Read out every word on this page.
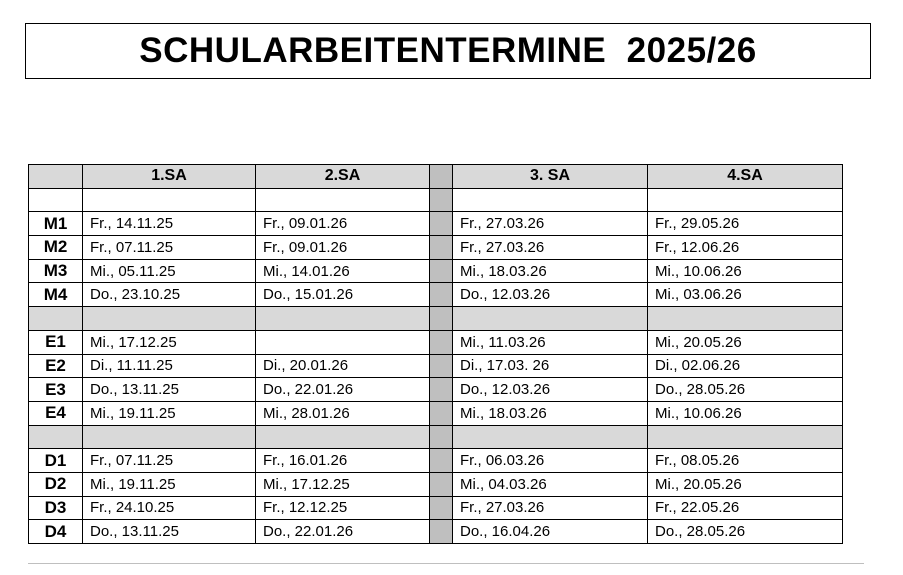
SCHULARBEITENTERMINE  2025/26
	1.SA	2.SA		3. SA	4.SA

M1	Fr., 14.11.25	Fr., 09.01.26		Fr., 27.03.26	Fr., 29.05.26
M2	Fr., 07.11.25	Fr., 09.01.26		Fr., 27.03.26	Fr., 12.06.26
M3	Mi., 05.11.25	Mi., 14.01.26		Mi., 18.03.26	Mi., 10.06.26
M4	Do., 23.10.25	Do., 15.01.26		Do., 12.03.26	Mi., 03.06.26

E1	Mi., 17.12.25			Mi., 11.03.26	Mi., 20.05.26
E2	Di., 11.11.25	Di., 20.01.26		Di., 17.03. 26	Di., 02.06.26
E3	Do., 13.11.25	Do., 22.01.26		Do., 12.03.26	Do., 28.05.26
E4	Mi., 19.11.25	Mi., 28.01.26		Mi., 18.03.26	Mi., 10.06.26

D1	Fr., 07.11.25	Fr., 16.01.26		Fr., 06.03.26	Fr., 08.05.26
D2	Mi., 19.11.25	Mi., 17.12.25		Mi., 04.03.26	Mi., 20.05.26
D3	Fr., 24.10.25	Fr., 12.12.25		Fr., 27.03.26	Fr., 22.05.26
D4	Do., 13.11.25	Do., 22.01.26		Do., 16.04.26	Do., 28.05.26
